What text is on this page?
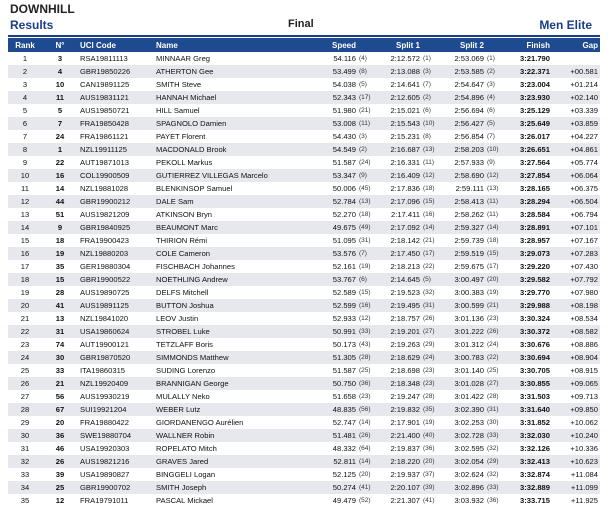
DOWNHILL
Results	Final	Men Elite
Rank	N°	UCI Code	Name	Speed		Split 1		Split 2		Finish	Gap
1	3	RSA19811113	MINNAAR Greg	54.116	(4)	2:12.572	(1)	2:53.069	(1)	3:21.790	
2	4	GBR19850226	ATHERTON Gee	53.499	(8)	2:13.088	(3)	2:53.585	(2)	3:22.371	+00.581
3	10	CAN19891125	SMITH Steve	54.038	(5)	2:14.641	(7)	2:54.647	(3)	3:23.004	+01.214
4	11	AUS19831121	HANNAH Michael	52.343	(17)	2:12.605	(2)	2:54.896	(4)	3:23.930	+02.140
5	5	AUS19850721	HILL Samuel	51.980	(21)	2:15.021	(6)	2:56.694	(6)	3:25.129	+03.339
6	7	FRA19850428	SPAGNOLO Damien	53.008	(11)	2:15.543	(10)	2:56.427	(5)	3:25.649	+03.859
7	24	FRA19861121	PAYET Florent	54.430	(3)	2:15.231	(8)	2:56.854	(7)	3:26.017	+04.227
8	1	NZL19911125	MACDONALD Brook	54.549	(2)	2:16.687	(13)	2:58.203	(10)	3:26.651	+04.861
9	22	AUT19871013	PEKOLL Markus	51.587	(24)	2:16.331	(11)	2:57.933	(9)	3:27.564	+05.774
10	16	COL19900509	GUTIERREZ VILLEGAS Marcelo	53.347	(9)	2:16.409	(12)	2:58.690	(12)	3:27.854	+06.064
11	14	NZL19881028	BLENKINSOP Samuel	50.006	(45)	2:17.836	(18)	2:59.111	(13)	3:28.165	+06.375
12	44	GBR19900212	DALE Sam	52.784	(13)	2:17.096	(15)	2:58.413	(11)	3:28.294	+06.504
13	51	AUS19821209	ATKINSON Bryn	52.270	(18)	2:17.411	(16)	2:58.262	(11)	3:28.584	+06.794
14	9	GBR19840925	BEAUMONT Marc	49.675	(49)	2:17.092	(14)	2:59.327	(14)	3:28.891	+07.101
15	18	FRA19900423	THIRION Rémi	51.095	(31)	2:18.142	(21)	2:59.739	(18)	3:28.957	+07.167
16	19	NZL19880203	COLE Cameron	53.576	(7)	2:17.450	(17)	2:59.519	(15)	3:29.073	+07.283
17	35	GER19880304	FISCHBACH Johannes	52.161	(19)	2:18.213	(22)	2:59.675	(17)	3:29.220	+07.430
18	15	GBR19900522	NOETHLING Andrew	53.767	(6)	2:14.645	(5)	3:00.497	(20)	3:29.582	+07.792
19	28	AUS19890725	DELFS Mitchell	52.589	(15)	2:19.523	(32)	3:00.383	(19)	3:29.770	+07.980
20	41	AUS19891125	BUTTON Joshua	52.599	(16)	2:19.495	(31)	3:00.599	(21)	3:29.988	+08.198
21	13	NZL19841020	LEOV Justin	52.933	(12)	2:18.757	(26)	3:01.136	(23)	3:30.324	+08.534
22	31	USA19860624	STROBEL Luke	50.991	(33)	2:19.201	(27)	3:01.222	(26)	3:30.372	+08.582
23	74	AUT19900121	TETZLAFF Boris	50.173	(43)	2:19.263	(29)	3:01.312	(24)	3:30.676	+08.886
24	30	GBR19870520	SIMMONDS Matthew	51.305	(28)	2:18.629	(24)	3:00.783	(22)	3:30.694	+08.904
25	33	ITA19860315	SUDING Lorenzo	51.587	(25)	2:18.698	(23)	3:01.140	(25)	3:30.705	+08.915
26	21	NZL19920409	BRANNIGAN George	50.750	(36)	2:18.348	(23)	3:01.028	(27)	3:30.855	+09.065
27	56	AUS19930219	MULALLY Neko	51.658	(23)	2:19.247	(28)	3:01.422	(28)	3:31.503	+09.713
28	67	SUI19921204	WEBER Lutz	48.835	(56)	2:19.832	(35)	3:02.390	(31)	3:31.640	+09.850
29	20	FRA19880422	GIORDANENGO Aurélien	52.747	(14)	2:17.901	(19)	3:02.253	(30)	3:31.852	+10.062
30	36	SWE19880704	WALLNER Robin	51.481	(26)	2:21.400	(40)	3:02.728	(33)	3:32.030	+10.240
31	46	USA19920303	ROPELATO Mitch	48.332	(64)	2:19.837	(36)	3:02.595	(32)	3:32.126	+10.336
32	26	AUS19821216	GRAVES Jared	52.811	(14)	2:18.220	(20)	3:02.054	(29)	3:32.413	+10.623
33	39	USA19890827	BINGGELI Logan	52.125	(20)	2:19.937	(37)	3:02.624	(32)	3:32.874	+11.084
34	25	GBR19900702	SMITH Joseph	50.274	(41)	2:20.107	(39)	3:02.896	(33)	3:32.889	+11.099
35	12	FRA19791011	PASCAL Mickael	49.479	(52)	2:21.307	(41)	3:03.932	(36)	3:33.715	+11.925
